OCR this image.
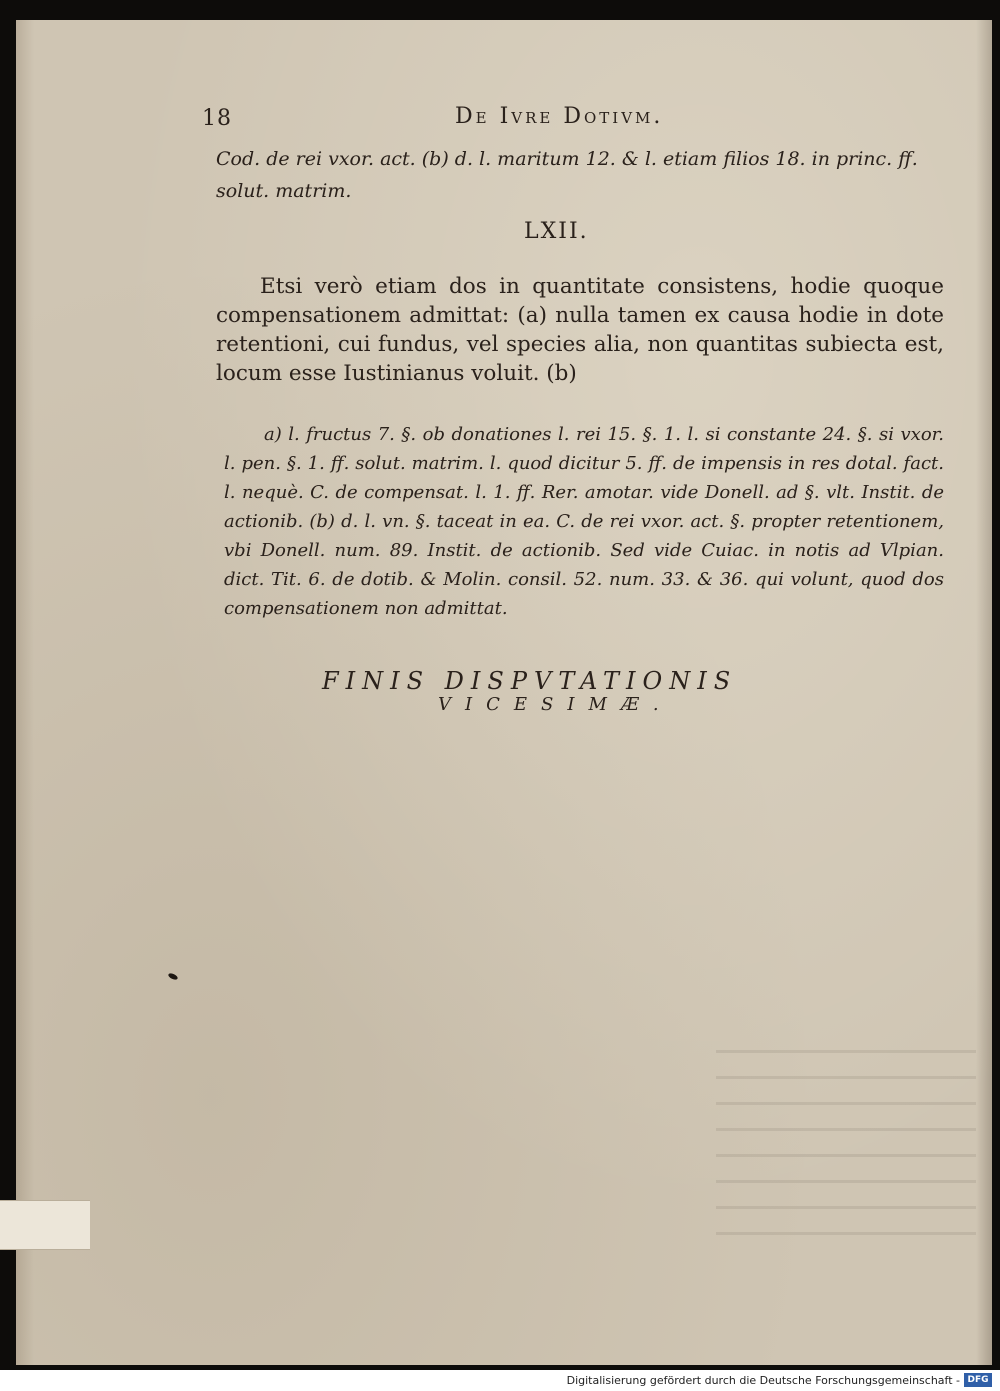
18	De Ivre Dotivm.
Cod. de rei vxor. act. (b) d. l. maritum 12. & l. etiam filios 18. in princ. ff. solut. matrim.
LXII.
Etsi verò etiam dos in quantitate consistens, hodie quoque compensationem admittat: (a) nulla tamen ex causa hodie in dote retentioni, cui fundus, vel species alia, non quantitas subiecta est, locum esse Iustinianus voluit. (b)
a) l. fructus 7. §. ob donationes l. rei 15. §. 1. l. si constante 24. §. si vxor. l. pen. §. 1. ff. solut. matrim. l. quod dicitur 5. ff. de impensis in res dotal. fact. l. nequè. C. de compensat. l. 1. ff. Rer. amotar. vide Donell. ad §. vlt. Instit. de actionib. (b) d. l. vn. §. taceat in ea. C. de rei vxor. act. §. propter retentionem, vbi Donell. num. 89. Instit. de actionib. Sed vide Cuiac. in notis ad Vlpian. dict. Tit. 6. de dotib. & Molin. consil. 52. num. 33. & 36. qui volunt, quod dos compensationem non admittat.
FINIS DISPVTATIONIS
VICESIMÆ.
Digitalisierung gefördert durch die Deutsche Forschungsgemeinschaft - DFG
